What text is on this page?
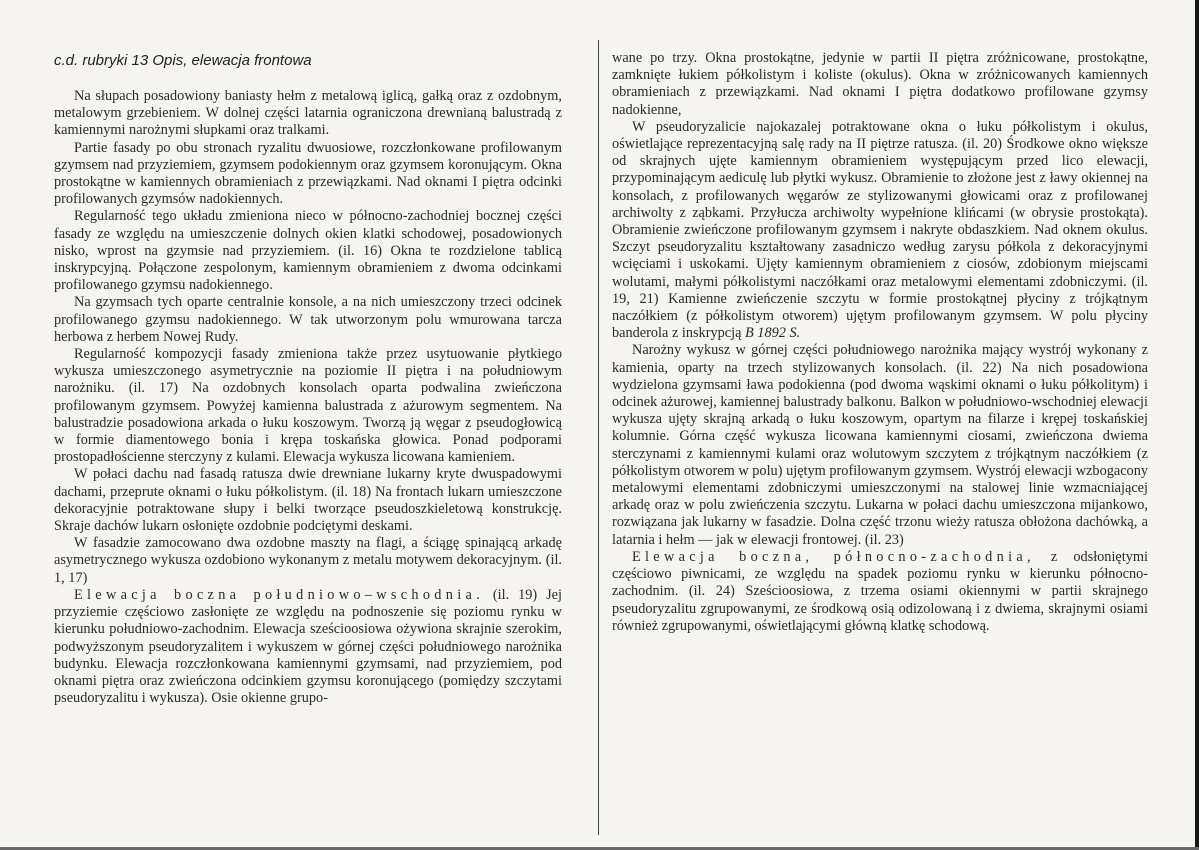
c.d. rubryki 13 Opis, elewacja frontowa

Na słupach posadowiony baniasty hełm z metalową iglicą, gałką oraz z ozdobnym, metalowym grzebieniem. W dolnej części latarnia ograniczona drewnianą balustradą z kamiennymi narożnymi słupkami oraz tralkami.

Partie fasady po obu stronach ryzalitu dwuosiowe, rozczłonkowane profilowanym gzymsem nad przyziemiem, gzymsem podokiennym oraz gzymsem koronującym. Okna prostokątne w kamiennych obramieniach z przewiązkami. Nad oknami I piętra odcinki profilowanych gzymsów nadokiennych.

Regularność tego układu zmieniona nieco w północno-zachodniej bocznej części fasady ze względu na umieszczenie dolnych okien klatki schodowej, posadowionych nisko, wprost na gzymsie nad przyziemiem. (il. 16) Okna te rozdzielone tablicą inskrypcyjną. Połączone zespolonym, kamiennym obramieniem z dwoma odcinkami profilowanego gzymsu nadokiennego.

Na gzymsach tych oparte centralnie konsole, a na nich umieszczony trzeci odcinek profilowanego gzymsu nadokiennego. W tak utworzonym polu wmurowana tarcza herbowa z herbem Nowej Rudy.

Regularność kompozycji fasady zmieniona także przez usytuowanie płytkiego wykusza umieszczonego asymetrycznie na poziomie II piętra i na południowym narożniku. (il. 17) Na ozdobnych konsolach oparta podwalina zwieńczona profilowanym gzymsem. Powyżej kamienna balustrada z ażurowym segmentem. Na balustradzie posadowiona arkada o łuku koszowym. Tworzą ją węgar z pseudogłowicą w formie diamentowego bonia i krępa toskańska głowica. Ponad podporami prostopadłościenne sterczyny z kulami. Elewacja wykusza licowana kamieniem.

W połaci dachu nad fasadą ratusza dwie drewniane lukarny kryte dwuspadowymi dachami, przeprute oknami o łuku półkolistym. (il. 18) Na frontach lukarn umieszczone dekoracyjnie potraktowane słupy i belki tworzące pseudoszkieletową konstrukcję. Skraje dachów lukarn osłonięte ozdobnie podciętymi deskami.

W fasadzie zamocowano dwa ozdobne maszty na flagi, a ściągę spinającą arkadę asymetrycznego wykusza ozdobiono wykonanym z metalu motywem dekoracyjnym. (il. 1, 17)

Elewacja boczna południowo–wschodnia. (il. 19) Jej przyziemie częściowo zasłonięte ze względu na podnoszenie się poziomu rynku w kierunku południowo-zachodnim. Elewacja sześcioosiowa ożywiona skrajnie szerokim, podwyższonym pseudoryzalitem i wykuszem w górnej części południowego narożnika budynku. Elewacja rozczłonkowana kamiennymi gzymsami, nad przyziemiem, pod oknami piętra oraz zwieńczona odcinkiem gzymsu koronującego (pomiędzy szczytami pseudoryzalitu i wykusza). Osie okienne grupo-

wane po trzy. Okna prostokątne, jedynie w partii II piętra zróżnicowane, prostokątne, zamknięte łukiem półkolistym i koliste (okulus). Okna w zróżnicowanych kamiennych obramieniach z przewiązkami. Nad oknami I piętra dodatkowo profilowane gzymsy nadokienne,

W pseudoryzalicie najokazalej potraktowane okna o łuku półkolistym i okulus, oświetlające reprezentacyjną salę rady na II piętrze ratusza. (il. 20) Środkowe okno większe od skrajnych ujęte kamiennym obramieniem występującym przed lico elewacji, przypominającym aediculę lub płytki wykusz. Obramienie to złożone jest z ławy okiennej na konsolach, z profilowanych węgarów ze stylizowanymi głowicami oraz z profilowanej archiwolty z ząbkami. Przyłucza archiwolty wypełnione klińcami (w obrysie prostokąta). Obramienie zwieńczone profilowanym gzymsem i nakryte obdaszkiem. Nad oknem okulus. Szczyt pseudoryzalitu kształtowany zasadniczo według zarysu półkola z dekoracyjnymi wcięciami i uskokami. Ujęty kamiennym obramieniem z ciosów, zdobionym miejscami wolutami, małymi półkolistymi naczółkami oraz metalowymi elementami zdobniczymi. (il. 19, 21) Kamienne zwieńczenie szczytu w formie prostokątnej płyciny z trójkątnym naczółkiem (z półkolistym otworem) ujętym profilowanym gzymsem. W polu płyciny banderola z inskrypcją B 1892 S.

Narożny wykusz w górnej części południowego narożnika mający wystrój wykonany z kamienia, oparty na trzech stylizowanych konsolach. (il. 22) Na nich posadowiona wydzielona gzymsami ława podokienna (pod dwoma wąskimi oknami o łuku półkolitym) i odcinek ażurowej, kamiennej balustrady balkonu. Balkon w południowo-wschodniej elewacji wykusza ujęty skrajną arkadą o łuku koszowym, opartym na filarze i krępej toskańskiej kolumnie. Górna część wykusza licowana kamiennymi ciosami, zwieńczona dwiema sterczynami z kamiennymi kulami oraz wolutowym szczytem z trójkątnym naczółkiem (z półkolistym otworem w polu) ujętym profilowanym gzymsem. Wystrój elewacji wzbogacony metalowymi elementami zdobniczymi umieszczonymi na stalowej linie wzmacniającej arkadę oraz w polu zwieńczenia szczytu. Lukarna w połaci dachu umieszczona mijankowo, rozwiązana jak lukarny w fasadzie. Dolna część trzonu wieży ratusza obłożona dachówką, a latarnia i hełm — jak w elewacji frontowej. (il. 23)

Elewacja boczna, północno-zachodnia, z odsłoniętymi częściowo piwnicami, ze względu na spadek poziomu rynku w kierunku północno-zachodnim. (il. 24) Sześcioosiowa, z trzema osiami okiennymi w partii skrajnego pseudoryzalitu zgrupowanymi, ze środkową osią odizolowaną i z dwiema, skrajnymi osiami również zgrupowanymi, oświetlającymi główną klatkę schodową.
